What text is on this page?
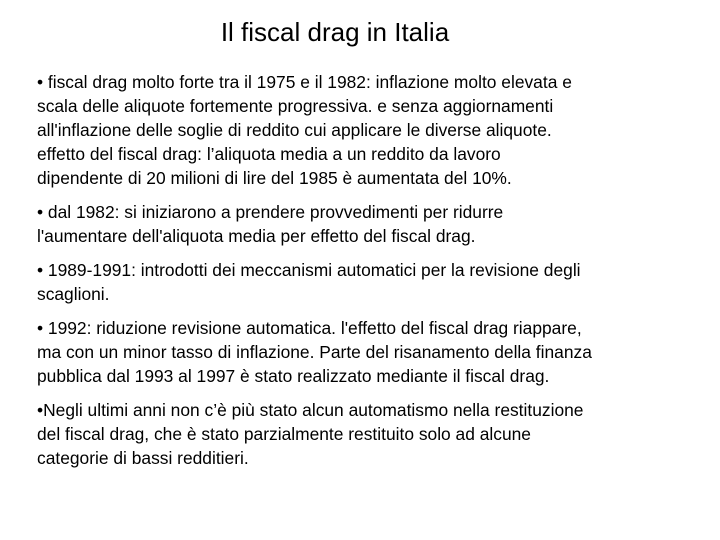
Il fiscal drag in Italia
• fiscal drag molto forte tra il 1975 e il 1982: inflazione molto elevata e
scala delle aliquote fortemente progressiva. e senza aggiornamenti
all'inflazione delle soglie di reddito cui applicare le diverse aliquote.
effetto del fiscal drag: l’aliquota media a un reddito da lavoro
dipendente di 20 milioni di lire del 1985 è aumentata del 10%.
• dal 1982: si iniziarono a prendere provvedimenti per ridurre
l'aumentare dell'aliquota media per effetto del fiscal drag.
• 1989-1991: introdotti dei meccanismi automatici per la revisione degli
scaglioni.
• 1992: riduzione revisione automatica. l'effetto del fiscal drag riappare,
ma con un minor tasso di inflazione. Parte del risanamento della finanza
pubblica dal 1993 al 1997 è stato realizzato mediante il fiscal drag.
•Negli ultimi anni non c’è più stato alcun automatismo nella restituzione
del fiscal drag, che è stato parzialmente restituito solo ad alcune
categorie di bassi redditieri.
